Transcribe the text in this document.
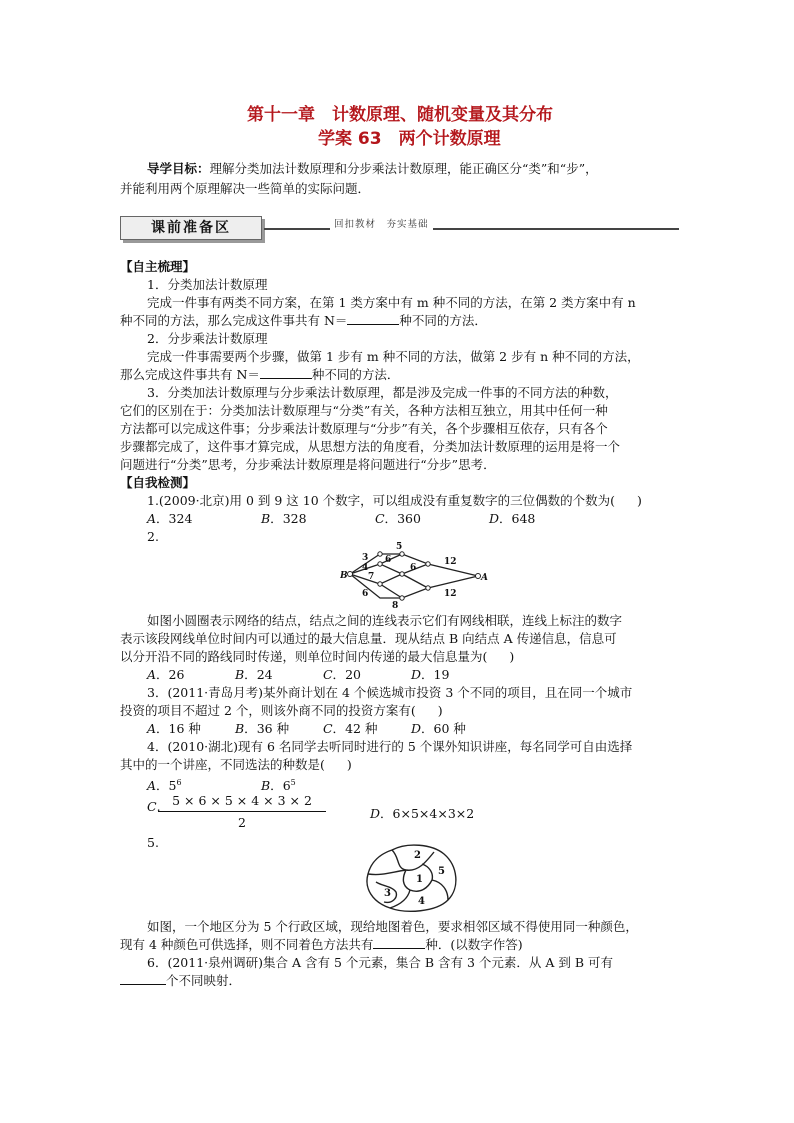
第十一章　计数原理、随机变量及其分布
学案 63　两个计数原理
导学目标：理解分类加法计数原理和分步乘法计数原理，能正确区分“类”和“步”，
并能利用两个原理解决一些简单的实际问题．
课前准备区	回扣教材　夯实基础
【自主梳理】
1．分类加法计数原理
完成一件事有两类不同方案，在第 1 类方案中有 m 种不同的方法，在第 2 类方案中有 n
种不同的方法，那么完成这件事共有 N＝	种不同的方法．
2．分步乘法计数原理
完成一件事需要两个步骤，做第 1 步有 m 种不同的方法，做第 2 步有 n 种不同的方法，
那么完成这件事共有 N＝	种不同的方法．
3．分类加法计数原理与分步乘法计数原理，都是涉及完成一件事的不同方法的种数，
它们的区别在于：分类加法计数原理与“分类”有关，各种方法相互独立，用其中任何一种
方法都可以完成这件事；分步乘法计数原理与“分步”有关，各个步骤相互依存，只有各个
步骤都完成了，这件事才算完成，从思想方法的角度看，分类加法计数原理的运用是将一个
问题进行“分类”思考，分步乘法计数原理是将问题进行“分步”思考．
【自我检测】
1.(2009·北京)用 0 到 9 这 10 个数字，可以组成没有重复数字的三位偶数的个数为( )
A．324	B．328	C．360	D．648
2.
B	A
3
5
4
6
7
6
6
8
12
12
如图小圆圈表示网络的结点，结点之间的连线表示它们有网线相联，连线上标注的数字
表示该段网线单位时间内可以通过的最大信息量．现从结点 B 向结点 A 传递信息，信息可
以分开沿不同的路线同时传递，则单位时间内传递的最大信息量为( )
A．26	B．24	C．20	D．19
3．(2011·青岛月考)某外商计划在 4 个候选城市投资 3 个不同的项目，且在同一个城市
投资的项目不超过 2 个，则该外商不同的投资方案有( )
A．16 种	B．36 种	C．42 种	D．60 种
4．(2010·湖北)现有 6 名同学去听同时进行的 5 个课外知识讲座，每名同学可自由选择
其中的一个讲座，不同选法的种数是( )
A．$5^6$	B．$6^5$
C. 5 × 6 × 5 × 4 × 3 × 2
2
D．6×5×4×3×2
5.
2
1
3
5
4
如图，一个地区分为 5 个行政区域，现给地图着色，要求相邻区域不得使用同一种颜色，
现有 4 种颜色可供选择，则不同着色方法共有	种．(以数字作答)
6．(2011·泉州调研)集合 A 含有 5 个元素，集合 B 含有 3 个元素．从 A 到 B 可有
个不同映射．
